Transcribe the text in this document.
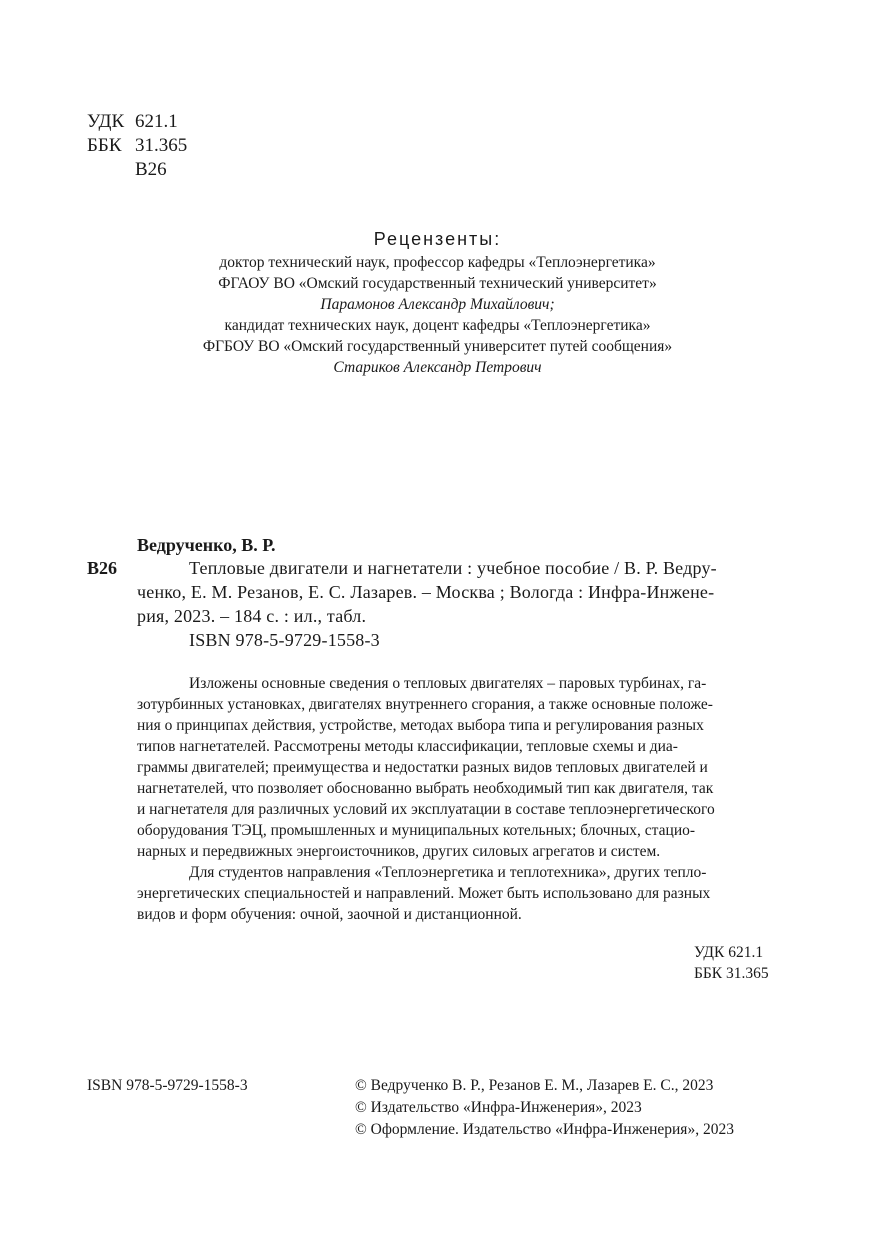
УДК 621.1
ББК 31.365
В26
Рецензенты:
доктор технический наук, профессор кафедры «Теплоэнергетика»
ФГАОУ ВО «Омский государственный технический университет»
Парамонов Александр Михайлович;
кандидат технических наук, доцент кафедры «Теплоэнергетика»
ФГБОУ ВО «Омский государственный университет путей сообщения»
Стариков Александр Петрович
Ведрученко, В. Р.
В26	Тепловые двигатели и нагнетатели : учебное пособие / В. Р. Ведру-
ченко, Е. М. Резанов, Е. С. Лазарев. – Москва ; Вологда : Инфра-Инжене-
рия, 2023. – 184 с. : ил., табл.
ISBN 978-5-9729-1558-3
Изложены основные сведения о тепловых двигателях – паровых турбинах, га-
зотурбинных установках, двигателях внутреннего сгорания, а также основные положе-
ния о принципах действия, устройстве, методах выбора типа и регулирования разных
типов нагнетателей. Рассмотрены методы классификации, тепловые схемы и диа-
граммы двигателей; преимущества и недостатки разных видов тепловых двигателей и
нагнетателей, что позволяет обоснованно выбрать необходимый тип как двигателя, так
и нагнетателя для различных условий их эксплуатации в составе теплоэнергетического
оборудования ТЭЦ, промышленных и муниципальных котельных; блочных, стацио-
нарных и передвижных энергоисточников, других силовых агрегатов и систем.
Для студентов направления «Теплоэнергетика и теплотехника», других тепло-
энергетических специальностей и направлений. Может быть использовано для разных
видов и форм обучения: очной, заочной и дистанционной.
УДК 621.1
ББК 31.365
ISBN 978-5-9729-1558-3	© Ведрученко В. Р., Резанов Е. М., Лазарев Е. С., 2023
© Издательство «Инфра-Инженерия», 2023
© Оформление. Издательство «Инфра-Инженерия», 2023
